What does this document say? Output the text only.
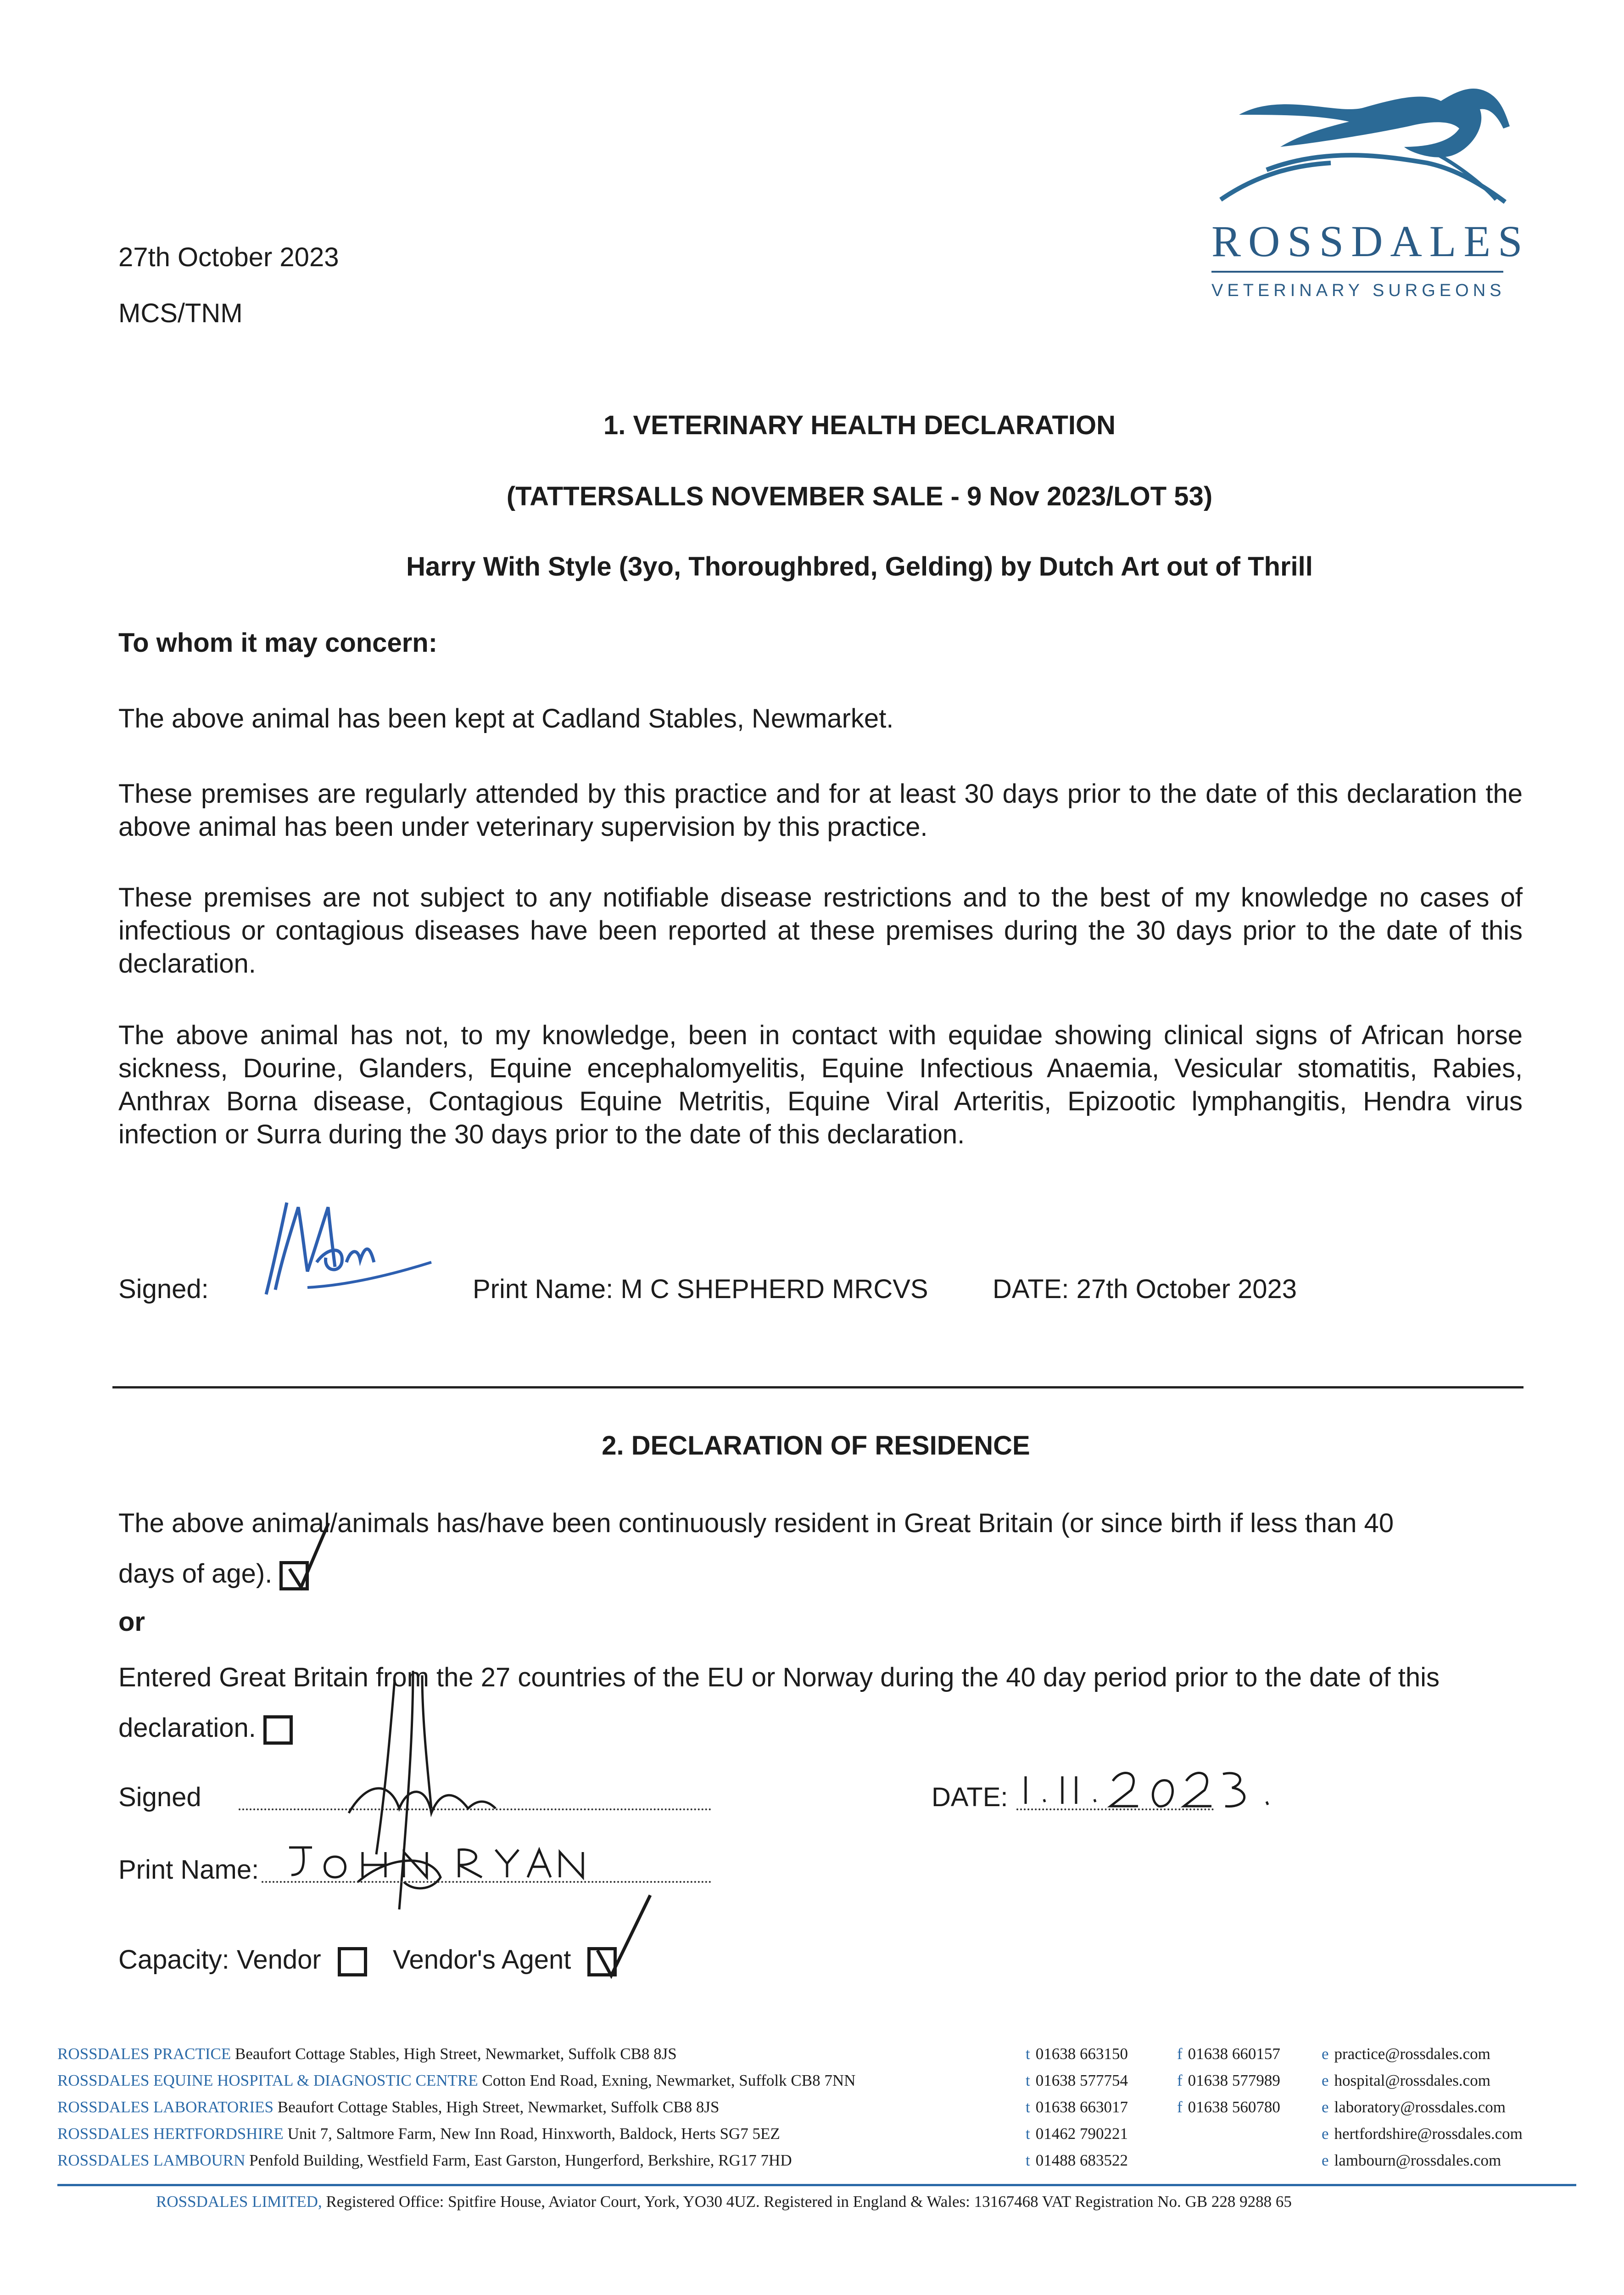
27th October 2023
MCS/TNM
ROSSDALES
VETERINARY SURGEONS
1. VETERINARY HEALTH DECLARATION
(TATTERSALLS NOVEMBER SALE - 9 Nov 2023/LOT 53)
Harry With Style (3yo, Thoroughbred, Gelding) by Dutch Art out of Thrill
To whom it may concern:
The above animal has been kept at Cadland Stables, Newmarket.
These premises are regularly attended by this practice and for at least 30 days prior to the date of this declaration the above animal has been under veterinary supervision by this practice.
These premises are not subject to any notifiable disease restrictions and to the best of my knowledge no cases of infectious or contagious diseases have been reported at these premises during the 30 days prior to the date of this declaration.
The above animal has not, to my knowledge, been in contact with equidae showing clinical signs of African horse sickness, Dourine, Glanders, Equine encephalomyelitis, Equine Infectious Anaemia, Vesicular stomatitis, Rabies, Anthrax Borna disease, Contagious Equine Metritis, Equine Viral Arteritis, Epizootic lymphangitis, Hendra virus infection or Surra during the 30 days prior to the date of this declaration.
Signed:	Print Name: M C SHEPHERD MRCVS DATE: 27th October 2023
2. DECLARATION OF RESIDENCE
The above animal/animals has/have been continuously resident in Great Britain (or since birth if less than 40 days of age).
or
Entered Great Britain from the 27 countries of the EU or Norway during the 40 day period prior to the date of this declaration.
Signed	DATE:
Print Name:
Capacity: Vendor	Vendor's Agent
ROSSDALES PRACTICE Beaufort Cottage Stables, High Street, Newmarket, Suffolk CB8 8JS	t 01638 663150	f 01638 660157	e practice@rossdales.com
ROSSDALES EQUINE HOSPITAL & DIAGNOSTIC CENTRE Cotton End Road, Exning, Newmarket, Suffolk CB8 7NN	t 01638 577754	f 01638 577989	e hospital@rossdales.com
ROSSDALES LABORATORIES Beaufort Cottage Stables, High Street, Newmarket, Suffolk CB8 8JS	t 01638 663017	f 01638 560780	e laboratory@rossdales.com
ROSSDALES HERTFORDSHIRE Unit 7, Saltmore Farm, New Inn Road, Hinxworth, Baldock, Herts SG7 5EZ	t 01462 790221	e hertfordshire@rossdales.com
ROSSDALES LAMBOURN Penfold Building, Westfield Farm, East Garston, Hungerford, Berkshire, RG17 7HD	t 01488 683522	e lambourn@rossdales.com
ROSSDALES LIMITED, Registered Office: Spitfire House, Aviator Court, York, YO30 4UZ. Registered in England & Wales: 13167468 VAT Registration No. GB 228 9288 65
